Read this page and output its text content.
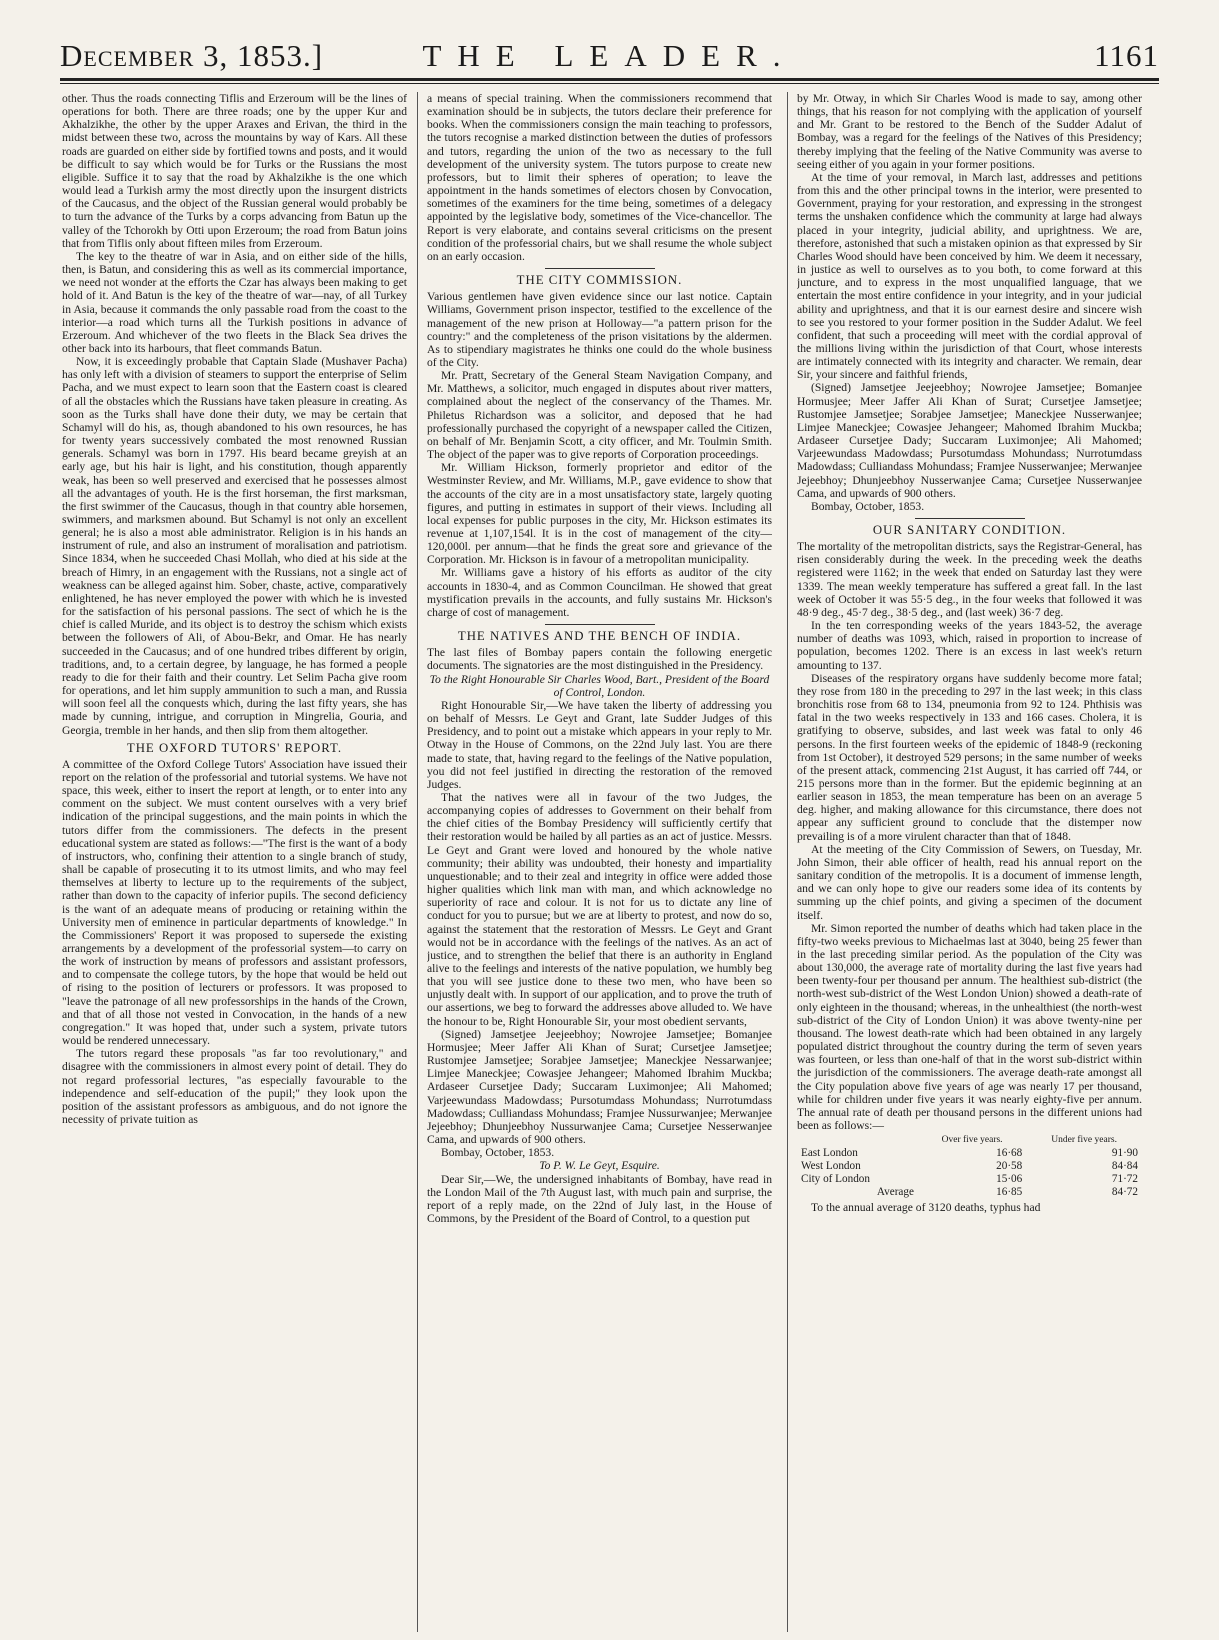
December 3, 1853.]	THE LEADER.	1161

other. Thus the roads connecting Tiflis and Erzeroum will be the lines of operations for both. There are three roads; one by the upper Kur and Akhalzikhe, the other by the upper Araxes and Erivan, the third in the midst between these two, across the mountains by way of Kars. All these roads are guarded on either side by fortified towns and posts, and it would be difficult to say which would be for Turks or the Russians the most eligible. Suffice it to say that the road by Akhalzikhe is the one which would lead a Turkish army the most directly upon the insurgent districts of the Caucasus, and the object of the Russian general would probably be to turn the advance of the Turks by a corps advancing from Batun up the valley of the Tchorokh by Otti upon Erzeroum; the road from Batun joins that from Tiflis only about fifteen miles from Erzeroum.

The key to the theatre of war in Asia, and on either side of the hills, then, is Batun, and considering this as well as its commercial importance, we need not wonder at the efforts the Czar has always been making to get hold of it. And Batun is the key of the theatre of war—nay, of all Turkey in Asia, because it commands the only passable road from the coast to the interior—a road which turns all the Turkish positions in advance of Erzeroum. And whichever of the two fleets in the Black Sea drives the other back into its harbours, that fleet commands Batun.

Now, it is exceedingly probable that Captain Slade (Mushaver Pacha) has only left with a division of steamers to support the enterprise of Selim Pacha, and we must expect to learn soon that the Eastern coast is cleared of all the obstacles which the Russians have taken pleasure in creating. As soon as the Turks shall have done their duty, we may be certain that Schamyl will do his, as, though abandoned to his own resources, he has for twenty years successively combated the most renowned Russian generals. Schamyl was born in 1797. His beard became greyish at an early age, but his hair is light, and his constitution, though apparently weak, has been so well preserved and exercised that he possesses almost all the advantages of youth. He is the first horseman, the first marksman, the first swimmer of the Caucasus, though in that country able horsemen, swimmers, and marksmen abound. But Schamyl is not only an excellent general; he is also a most able administrator. Religion is in his hands an instrument of rule, and also an instrument of moralisation and patriotism. Since 1834, when he succeeded Chasi Mollah, who died at his side at the breach of Himry, in an engagement with the Russians, not a single act of weakness can be alleged against him. Sober, chaste, active, comparatively enlightened, he has never employed the power with which he is invested for the satisfaction of his personal passions. The sect of which he is the chief is called Muride, and its object is to destroy the schism which exists between the followers of Ali, of Abou-Bekr, and Omar. He has nearly succeeded in the Caucasus; and of one hundred tribes different by origin, traditions, and, to a certain degree, by language, he has formed a people ready to die for their faith and their country. Let Selim Pacha give room for operations, and let him supply ammunition to such a man, and Russia will soon feel all the conquests which, during the last fifty years, she has made by cunning, intrigue, and corruption in Mingrelia, Gouria, and Georgia, tremble in her hands, and then slip from them altogether.

THE OXFORD TUTORS' REPORT.

A committee of the Oxford College Tutors' Association have issued their report on the relation of the professorial and tutorial systems. We have not space, this week, either to insert the report at length, or to enter into any comment on the subject. We must content ourselves with a very brief indication of the principal suggestions, and the main points in which the tutors differ from the commissioners. The defects in the present educational system are stated as follows:—"The first is the want of a body of instructors, who, confining their attention to a single branch of study, shall be capable of prosecuting it to its utmost limits, and who may feel themselves at liberty to lecture up to the requirements of the subject, rather than down to the capacity of inferior pupils. The second deficiency is the want of an adequate means of producing or retaining within the University men of eminence in particular departments of knowledge." In the Commissioners' Report it was proposed to supersede the existing arrangements by a development of the professorial system—to carry on the work of instruction by means of professors and assistant professors, and to compensate the college tutors, by the hope that would be held out of rising to the position of lecturers or professors. It was proposed to "leave the patronage of all new professorships in the hands of the Crown, and that of all those not vested in Convocation, in the hands of a new congregation." It was hoped that, under such a system, private tutors would be rendered unnecessary.

The tutors regard these proposals "as far too revolutionary," and disagree with the commissioners in almost every point of detail. They do not regard professorial lectures, "as especially favourable to the independence and self-education of the pupil;" they look upon the position of the assistant professors as ambiguous, and do not ignore the necessity of private tuition as

a means of special training. When the commissioners recommend that examination should be in subjects, the tutors declare their preference for books. When the commissioners consign the main teaching to professors, the tutors recognise a marked distinction between the duties of professors and tutors, regarding the union of the two as necessary to the full development of the university system. The tutors purpose to create new professors, but to limit their spheres of operation; to leave the appointment in the hands sometimes of electors chosen by Convocation, sometimes of the examiners for the time being, sometimes of a delegacy appointed by the legislative body, sometimes of the Vice-chancellor. The Report is very elaborate, and contains several criticisms on the present condition of the professorial chairs, but we shall resume the whole subject on an early occasion.

THE CITY COMMISSION.

Various gentlemen have given evidence since our last notice. Captain Williams, Government prison inspector, testified to the excellence of the management of the new prison at Holloway—"a pattern prison for the country:" and the completeness of the prison visitations by the aldermen. As to stipendiary magistrates he thinks one could do the whole business of the City.

Mr. Pratt, Secretary of the General Steam Navigation Company, and Mr. Matthews, a solicitor, much engaged in disputes about river matters, complained about the neglect of the conservancy of the Thames. Mr. Philetus Richardson was a solicitor, and deposed that he had professionally purchased the copyright of a newspaper called the Citizen, on behalf of Mr. Benjamin Scott, a city officer, and Mr. Toulmin Smith. The object of the paper was to give reports of Corporation proceedings.

Mr. William Hickson, formerly proprietor and editor of the Westminster Review, and Mr. Williams, M.P., gave evidence to show that the accounts of the city are in a most unsatisfactory state, largely quoting figures, and putting in estimates in support of their views. Including all local expenses for public purposes in the city, Mr. Hickson estimates its revenue at 1,107,154l. It is in the cost of management of the city—120,000l. per annum—that he finds the great sore and grievance of the Corporation. Mr. Hickson is in favour of a metropolitan municipality.

Mr. Williams gave a history of his efforts as auditor of the city accounts in 1830-4, and as Common Councilman. He showed that great mystification prevails in the accounts, and fully sustains Mr. Hickson's charge of cost of management.

THE NATIVES AND THE BENCH OF INDIA.

The last files of Bombay papers contain the following energetic documents. The signatories are the most distinguished in the Presidency.

To the Right Honourable Sir Charles Wood, Bart., President of the Board of Control, London.

Right Honourable Sir,—We have taken the liberty of addressing you on behalf of Messrs. Le Geyt and Grant, late Sudder Judges of this Presidency, and to point out a mistake which appears in your reply to Mr. Otway in the House of Commons, on the 22nd July last. You are there made to state, that, having regard to the feelings of the Native population, you did not feel justified in directing the restoration of the removed Judges.

That the natives were all in favour of the two Judges, the accompanying copies of addresses to Government on their behalf from the chief cities of the Bombay Presidency will sufficiently certify that their restoration would be hailed by all parties as an act of justice. Messrs. Le Geyt and Grant were loved and honoured by the whole native community; their ability was undoubted, their honesty and impartiality unquestionable; and to their zeal and integrity in office were added those higher qualities which link man with man, and which acknowledge no superiority of race and colour. It is not for us to dictate any line of conduct for you to pursue; but we are at liberty to protest, and now do so, against the statement that the restoration of Messrs. Le Geyt and Grant would not be in accordance with the feelings of the natives. As an act of justice, and to strengthen the belief that there is an authority in England alive to the feelings and interests of the native population, we humbly beg that you will see justice done to these two men, who have been so unjustly dealt with. In support of our application, and to prove the truth of our assertions, we beg to forward the addresses above alluded to. We have the honour to be, Right Honourable Sir, your most obedient servants,

(Signed) Jamsetjee Jeejeebhoy; Nowrojee Jamsetjee; Bomanjee Hormusjee; Meer Jaffer Ali Khan of Surat; Cursetjee Jamsetjee; Rustomjee Jamsetjee; Sorabjee Jamsetjee; Maneckjee Nessarwanjee; Limjee Maneckjee; Cowasjee Jehangeer; Mahomed Ibrahim Muckba; Ardaseer Cursetjee Dady; Succaram Luximonjee; Ali Mahomed; Varjeewundass Madowdass; Pursotumdass Mohundass; Nurrotumdass Madowdass; Culliandass Mohundass; Framjee Nussurwanjee; Merwanjee Jejeebhoy; Dhunjeebhoy Nussurwanjee Cama; Cursetjee Nesserwanjee Cama, and upwards of 900 others.

Bombay, October, 1853.

To P. W. Le Geyt, Esquire.

Dear Sir,—We, the undersigned inhabitants of Bombay, have read in the London Mail of the 7th August last, with much pain and surprise, the report of a reply made, on the 22nd of July last, in the House of Commons, by the President of the Board of Control, to a question put

by Mr. Otway, in which Sir Charles Wood is made to say, among other things, that his reason for not complying with the application of yourself and Mr. Grant to be restored to the Bench of the Sudder Adalut of Bombay, was a regard for the feelings of the Natives of this Presidency; thereby implying that the feeling of the Native Community was averse to seeing either of you again in your former positions.

At the time of your removal, in March last, addresses and petitions from this and the other principal towns in the interior, were presented to Government, praying for your restoration, and expressing in the strongest terms the unshaken confidence which the community at large had always placed in your integrity, judicial ability, and uprightness. We are, therefore, astonished that such a mistaken opinion as that expressed by Sir Charles Wood should have been conceived by him. We deem it necessary, in justice as well to ourselves as to you both, to come forward at this juncture, and to express in the most unqualified language, that we entertain the most entire confidence in your integrity, and in your judicial ability and uprightness, and that it is our earnest desire and sincere wish to see you restored to your former position in the Sudder Adalut. We feel confident, that such a proceeding will meet with the cordial approval of the millions living within the jurisdiction of that Court, whose interests are intimately connected with its integrity and character. We remain, dear Sir, your sincere and faithful friends,

(Signed) Jamsetjee Jeejeebhoy; Nowrojee Jamsetjee; Bomanjee Hormusjee; Meer Jaffer Ali Khan of Surat; Cursetjee Jamsetjee; Rustomjee Jamsetjee; Sorabjee Jamsetjee; Maneckjee Nusserwanjee; Limjee Maneckjee; Cowasjee Jehangeer; Mahomed Ibrahim Muckba; Ardaseer Cursetjee Dady; Succaram Luximonjee; Ali Mahomed; Varjeewundass Madowdass; Pursotumdass Mohundass; Nurrotumdass Madowdass; Culliandass Mohundass; Framjee Nusserwanjee; Merwanjee Jejeebhoy; Dhunjeebhoy Nusserwanjee Cama; Cursetjee Nusserwanjee Cama, and upwards of 900 others.

Bombay, October, 1853.

OUR SANITARY CONDITION.

The mortality of the metropolitan districts, says the Registrar-General, has risen considerably during the week. In the preceding week the deaths registered were 1162; in the week that ended on Saturday last they were 1339. The mean weekly temperature has suffered a great fall. In the last week of October it was 55·5 deg., in the four weeks that followed it was 48·9 deg., 45·7 deg., 38·5 deg., and (last week) 36·7 deg.

In the ten corresponding weeks of the years 1843-52, the average number of deaths was 1093, which, raised in proportion to increase of population, becomes 1202. There is an excess in last week's return amounting to 137.

Diseases of the respiratory organs have suddenly become more fatal; they rose from 180 in the preceding to 297 in the last week; in this class bronchitis rose from 68 to 134, pneumonia from 92 to 124. Phthisis was fatal in the two weeks respectively in 133 and 166 cases. Cholera, it is gratifying to observe, subsides, and last week was fatal to only 46 persons. In the first fourteen weeks of the epidemic of 1848-9 (reckoning from 1st October), it destroyed 529 persons; in the same number of weeks of the present attack, commencing 21st August, it has carried off 744, or 215 persons more than in the former. But the epidemic beginning at an earlier season in 1853, the mean temperature has been on an average 5 deg. higher, and making allowance for this circumstance, there does not appear any sufficient ground to conclude that the distemper now prevailing is of a more virulent character than that of 1848.

At the meeting of the City Commission of Sewers, on Tuesday, Mr. John Simon, their able officer of health, read his annual report on the sanitary condition of the metropolis. It is a document of immense length, and we can only hope to give our readers some idea of its contents by summing up the chief points, and giving a specimen of the document itself.

Mr. Simon reported the number of deaths which had taken place in the fifty-two weeks previous to Michaelmas last at 3040, being 25 fewer than in the last preceding similar period. As the population of the City was about 130,000, the average rate of mortality during the last five years had been twenty-four per thousand per annum. The healthiest sub-district (the north-west sub-district of the West London Union) showed a death-rate of only eighteen in the thousand; whereas, in the unhealthiest (the north-west sub-district of the City of London Union) it was above twenty-nine per thousand. The lowest death-rate which had been obtained in any largely populated district throughout the country during the term of seven years was fourteen, or less than one-half of that in the worst sub-district within the jurisdiction of the commissioners. The average death-rate amongst all the City population above five years of age was nearly 17 per thousand, while for children under five years it was nearly eighty-five per annum. The annual rate of death per thousand persons in the different unions had been as follows:—

	Over five years.	Under five years.
East London	16·68	91·90
West London	20·58	84·84
City of London	15·06	71·72
Average	16·85	84·72

To the annual average of 3120 deaths, typhus had
